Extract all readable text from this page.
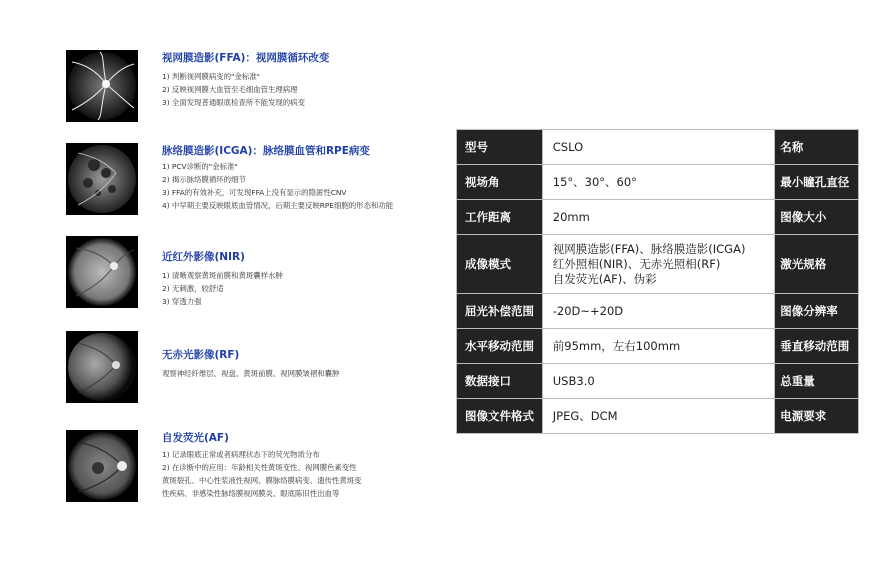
视网膜造影(FFA)：视网膜循环改变
1) 判断视网膜病变的"金标准"
2) 反映视网膜大血管至毛细血管生理病理
3) 全面发现普通眼底检查所不能发现的病变
脉络膜造影(ICGA)：脉络膜血管和RPE病变
1) PCV诊断的"金标准"
2) 揭示脉络膜循环的细节
3) FFA的有效补充，可发现FFA上没有显示的隐匿性CNV
4) 中早期主要反映眼底血管情况，后期主要反映RPE细胞的形态和功能
近红外影像(NIR)
1) 清晰观察黄斑前膜和黄斑囊样水肿
2) 无刺激，较舒适
3) 穿透力强
无赤光影像(RF)
观察神经纤维层、视盘、黄斑前膜、视网膜皱褶和囊肿
自发荧光(AF)
1) 记录眼底正常或者病理状态下的荧光物质分布
2) 在诊断中的应用：年龄相关性黄斑变性、视网膜色素变性
黄斑裂孔、中心性浆液性视网、膜脉络膜病变、遗传性黄斑变
性疾病、非感染性脉络膜视网膜炎、眼底陈旧性出血等
型号	CSLO	名称
视场角	15°、30°、60°	最小瞳孔直径
工作距离	20mm	图像大小
成像模式	视网膜造影(FFA)、脉络膜造影(ICGA)
红外照相(NIR)、无赤光照相(RF)
自发荧光(AF)、伪彩	激光规格
屈光补偿范围	-20D~+20D	图像分辨率
水平移动范围	前95mm，左右100mm	垂直移动范围
数据接口	USB3.0	总重量
图像文件格式	JPEG、DCM	电源要求
